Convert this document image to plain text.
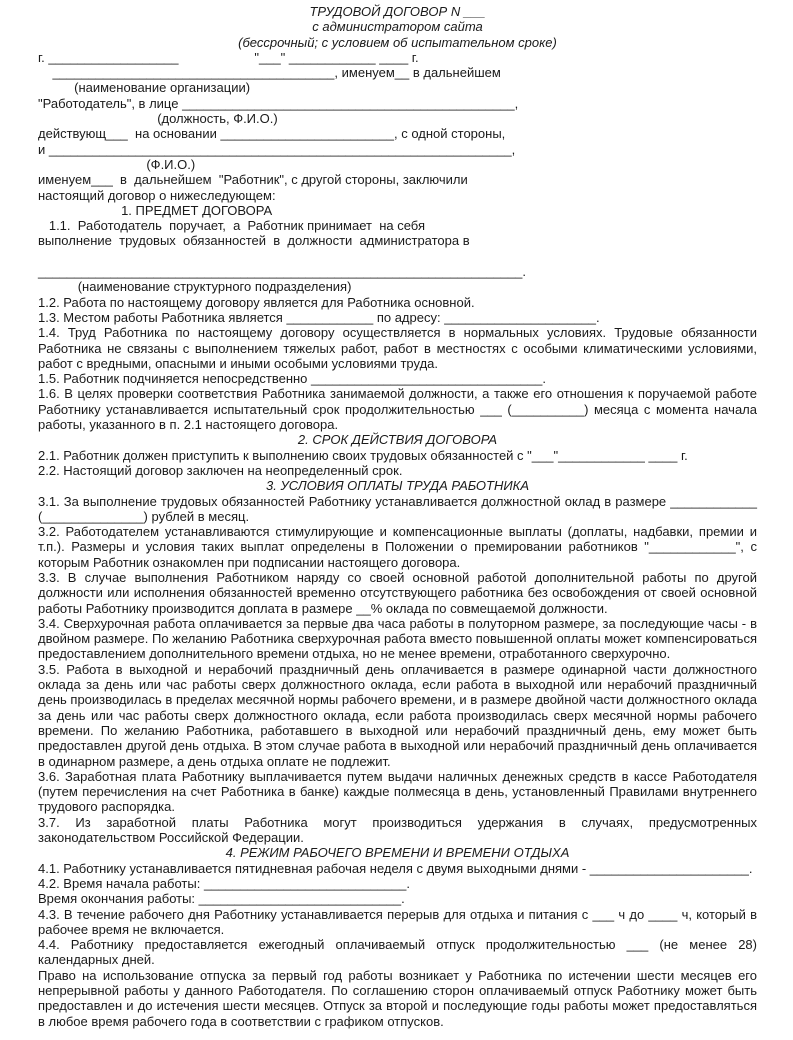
ТРУДОВОЙ ДОГОВОР N ___
с администратором сайта
(бессрочный; с условием об испытательном сроке)
г. __________________                     "___" ____________ ____ г.
_______________________________________, именуем__ в дальнейшем
(наименование организации)
"Работодатель", в лице ______________________________________________,
(должность, Ф.И.О.)
действующ___  на основании ________________________, с одной стороны,
и ________________________________________________________________,
(Ф.И.О.)
именуем___  в  дальнейшем  "Работник", с другой стороны, заключили
настоящий договор о нижеследующем:
1. ПРЕДМЕТ ДОГОВОРА
1.1.  Работодатель  поручает,  а  Работник принимает  на себя
выполнение  трудовых  обязанностей  в  должности  администратора в

___________________________________________________________________.
(наименование структурного подразделения)
1.2. Работа по настоящему договору является для Работника основной.
1.3. Местом работы Работника является ____________ по адресу: _____________________.
1.4. Труд Работника по настоящему договору осуществляется в нормальных условиях. Трудовые обязанности Работника не связаны с выполнением тяжелых работ, работ в местностях с особыми климатическими условиями, работ с вредными, опасными и иными особыми условиями труда.
1.5. Работник подчиняется непосредственно ________________________________.
1.6. В целях проверки соответствия Работника занимаемой должности, а также его отношения к поручаемой работе Работнику устанавливается испытательный срок продолжительностью ___ (__________) месяца с момента начала работы, указанного в п. 2.1 настоящего договора.
2. СРОК ДЕЙСТВИЯ ДОГОВОРА
2.1. Работник должен приступить к выполнению своих трудовых обязанностей с "___"____________ ____ г.
2.2. Настоящий договор заключен на неопределенный срок.
3. УСЛОВИЯ ОПЛАТЫ ТРУДА РАБОТНИКА
3.1. За выполнение трудовых обязанностей Работнику устанавливается должностной оклад в размере ____________ (______________) рублей в месяц.
3.2. Работодателем устанавливаются стимулирующие и компенсационные выплаты (доплаты, надбавки, премии и т.п.). Размеры и условия таких выплат определены в Положении о премировании работников "____________", с которым Работник ознакомлен при подписании настоящего договора.
3.3. В случае выполнения Работником наряду со своей основной работой дополнительной работы по другой должности или исполнения обязанностей временно отсутствующего работника без освобождения от своей основной работы Работнику производится доплата в размере __% оклада по совмещаемой должности.
3.4. Сверхурочная работа оплачивается за первые два часа работы в полуторном размере, за последующие часы - в двойном размере. По желанию Работника сверхурочная работа вместо повышенной оплаты может компенсироваться предоставлением дополнительного времени отдыха, но не менее времени, отработанного сверхурочно.
3.5. Работа в выходной и нерабочий праздничный день оплачивается в размере одинарной части должностного оклада за день или час работы сверх должностного оклада, если работа в выходной или нерабочий праздничный день производилась в пределах месячной нормы рабочего времени, и в размере двойной части должностного оклада за день или час работы сверх должностного оклада, если работа производилась сверх месячной нормы рабочего времени. По желанию Работника, работавшего в выходной или нерабочий праздничный день, ему может быть предоставлен другой день отдыха. В этом случае работа в выходной или нерабочий праздничный день оплачивается в одинарном размере, а день отдыха оплате не подлежит.
3.6. Заработная плата Работнику выплачивается путем выдачи наличных денежных средств в кассе Работодателя (путем перечисления на счет Работника в банке) каждые полмесяца в день, установленный Правилами внутреннего трудового распорядка.
3.7. Из заработной платы Работника могут производиться удержания в случаях, предусмотренных законодательством Российской Федерации.
4. РЕЖИМ РАБОЧЕГО ВРЕМЕНИ И ВРЕМЕНИ ОТДЫХА
4.1. Работнику устанавливается пятидневная рабочая неделя с двумя выходными днями - ______________________.
4.2. Время начала работы: ____________________________.
Время окончания работы: ____________________________.
4.3. В течение рабочего дня Работнику устанавливается перерыв для отдыха и питания с ___ ч до ____ ч, который в рабочее время не включается.
4.4. Работнику предоставляется ежегодный оплачиваемый отпуск продолжительностью ___ (не менее 28) календарных дней.
Право на использование отпуска за первый год работы возникает у Работника по истечении шести месяцев его непрерывной работы у данного Работодателя. По соглашению сторон оплачиваемый отпуск Работнику может быть предоставлен и до истечения шести месяцев. Отпуск за второй и последующие годы работы может предоставляться в любое время рабочего года в соответствии с графиком отпусков.
